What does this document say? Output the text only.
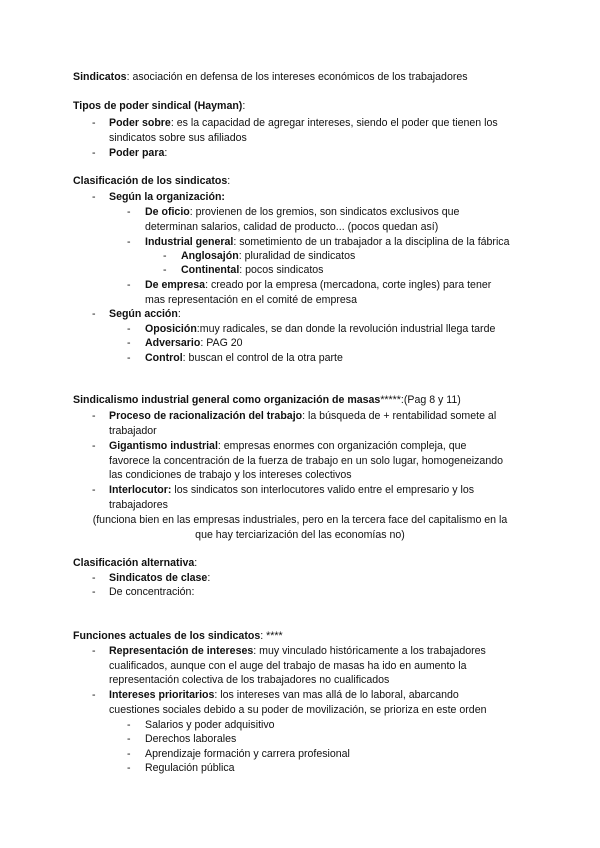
Sindicatos: asociación en defensa de los intereses económicos de los trabajadores
Tipos de poder sindical (Hayman):
- Poder sobre: es la capacidad de agregar intereses, siendo el poder que tienen los
sindicatos sobre sus afiliados
- Poder para:
Clasificación de los sindicatos:
- Según la organización:
- De oficio: provienen de los gremios, son sindicatos exclusivos que
determinan salarios, calidad de producto... (pocos quedan así)
- Industrial general: sometimiento de un trabajador a la disciplina de la fábrica
- Anglosajón: pluralidad de sindicatos
- Continental: pocos sindicatos
- De empresa: creado por la empresa (mercadona, corte ingles) para tener
mas representación en el comité de empresa
- Según acción:
- Oposición:muy radicales, se dan donde la revolución industrial llega tarde
- Adversario: PAG 20
- Control: buscan el control de la otra parte
Sindicalismo industrial general como organización de masas*****:(Pag 8 y 11)
- Proceso de racionalización del trabajo: la búsqueda de + rentabilidad somete al
trabajador
- Gigantismo industrial: empresas enormes con organización compleja, que
favorece la concentración de la fuerza de trabajo en un solo lugar, homogeneizando
las condiciones de trabajo y los intereses colectivos
- Interlocutor: los sindicatos son interlocutores valido entre el empresario y los
trabajadores
(funciona bien en las empresas industriales, pero en la tercera face del capitalismo en la
que hay terciarización del las economías no)
Clasificación alternativa:
- Sindicatos de clase:
- De concentración:
Funciones actuales de los sindicatos: ****
- Representación de intereses: muy vinculado históricamente a los trabajadores
cualificados, aunque con el auge del trabajo de masas ha ido en aumento la
representación colectiva de los trabajadores no cualificados
- Intereses prioritarios: los intereses van mas allá de lo laboral, abarcando
cuestiones sociales debido a su poder de movilización, se prioriza en este orden
- Salarios y poder adquisitivo
- Derechos laborales
- Aprendizaje formación y carrera profesional
- Regulación pública
